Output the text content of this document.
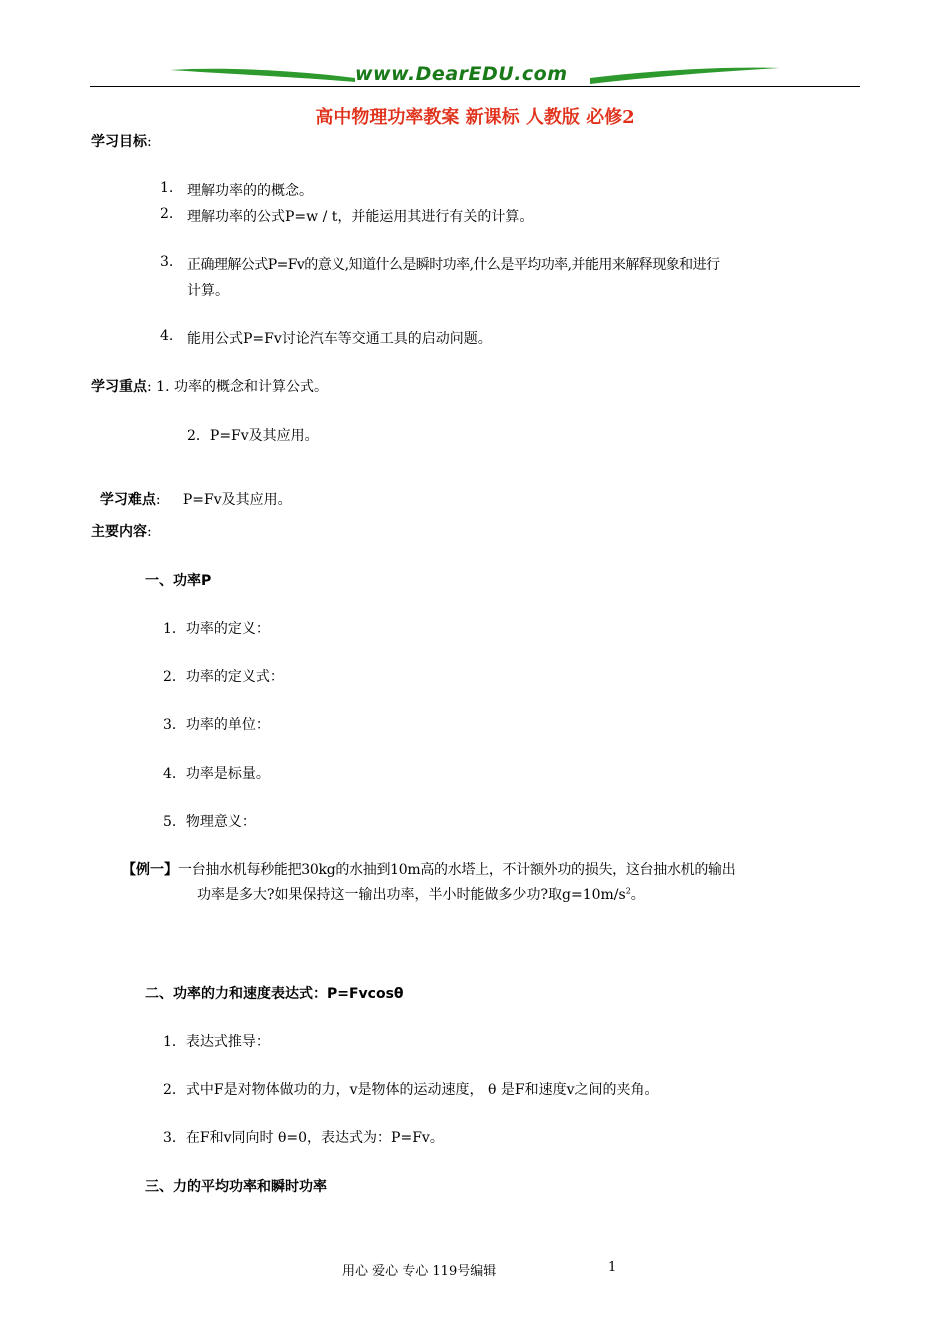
www.DearEDU.com
高中物理功率教案 新课标 人教版 必修2
学习目标:
1. 理解功率的的概念。
2. 理解功率的公式P=w / t，并能运用其进行有关的计算。
3. 正确理解公式P=Fv的意义,知道什么是瞬时功率,什么是平均功率,并能用来解释现象和进行
计算。
4. 能用公式P=Fv讨论汽车等交通工具的启动问题。
学习重点: 1. 功率的概念和计算公式。
2．P=Fv及其应用。

学习难点:     P=Fv及其应用。

主要内容:
一、功率P
1．功率的定义：
2．功率的定义式：
3．功率的单位：
4．功率是标量。
5．物理意义：
【例一】一台抽水机每秒能把30kg的水抽到10m高的水塔上，不计额外功的损失，这台抽水机的输出
功率是多大?如果保持这一输出功率，半小时能做多少功?取$g=10m/s^2$。
二、功率的力和速度表达式：P=Fvcosθ
1．表达式推导：
2．式中F是对物体做功的力，v是物体的运动速度， θ 是F和速度v之间的夹角。
3．在F和v同向时 θ=0，表达式为：P=Fv。
三、力的平均功率和瞬时功率
用心 爱心 专心 119号编辑	1
